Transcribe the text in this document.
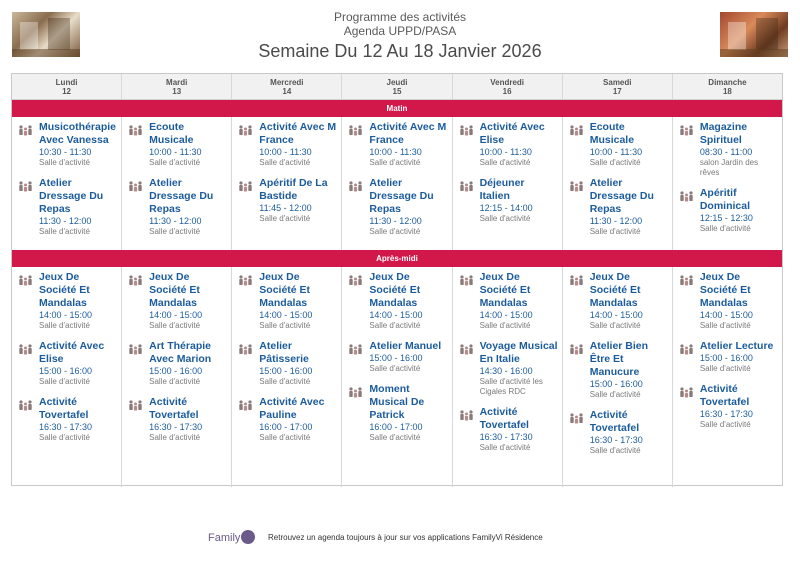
Programme des activités
Agenda UPPD/PASA
Semaine Du 12 Au 18 Janvier 2026
Lundi
12
Mardi
13
Mercredi
14
Jeudi
15
Vendredi
16
Samedi
17
Dimanche
18
Matin
Musicothérapie Avec Vanessa
10:30 - 11:30
Salle d'activité
Atelier Dressage Du Repas
11:30 - 12:00
Salle d'activité
Ecoute Musicale
10:00 - 11:30
Salle d'activité
Atelier Dressage Du Repas
11:30 - 12:00
Salle d'activité
Activité Avec M France
10:00 - 11:30
Salle d'activité
Apéritif De La Bastide
11:45 - 12:00
Salle d'activité
Activité Avec M France
10:00 - 11:30
Salle d'activité
Atelier Dressage Du Repas
11:30 - 12:00
Salle d'activité
Activité Avec Elise
10:00 - 11:30
Salle d'activité
Déjeuner Italien
12:15 - 14:00
Salle d'activité
Ecoute Musicale
10:00 - 11:30
Salle d'activité
Atelier Dressage Du Repas
11:30 - 12:00
Salle d'activité
Magazine Spirituel
08:30 - 11:00
salon Jardin des rêves
Apéritif Dominical
12:15 - 12:30
Salle d'activité
Après-midi
Jeux De Société Et Mandalas
14:00 - 15:00
Salle d'activité
Activité Avec Elise
15:00 - 16:00
Salle d'activité
Activité Tovertafel
16:30 - 17:30
Salle d'activité
Jeux De Société Et Mandalas
14:00 - 15:00
Salle d'activité
Art Thérapie Avec Marion
15:00 - 16:00
Salle d'activité
Activité Tovertafel
16:30 - 17:30
Salle d'activité
Jeux De Société Et Mandalas
14:00 - 15:00
Salle d'activité
Atelier Pâtisserie
15:00 - 16:00
Salle d'activité
Activité Avec Pauline
16:00 - 17:00
Salle d'activité
Jeux De Société Et Mandalas
14:00 - 15:00
Salle d'activité
Atelier Manuel
15:00 - 16:00
Salle d'activité
Moment Musical De Patrick
16:00 - 17:00
Salle d'activité
Jeux De Société Et Mandalas
14:00 - 15:00
Salle d'activité
Voyage Musical En Italie
14:30 - 16:00
Salle d'activité les Cigales RDC
Activité Tovertafel
16:30 - 17:30
Salle d'activité
Jeux De Société Et Mandalas
14:00 - 15:00
Salle d'activité
Atelier Bien Être Et Manucure
15:00 - 16:00
Salle d'activité
Activité Tovertafel
16:30 - 17:30
Salle d'activité
Jeux De Société Et Mandalas
14:00 - 15:00
Salle d'activité
Atelier Lecture
15:00 - 16:00
Salle d'activité
Activité Tovertafel
16:30 - 17:30
Salle d'activité
Family	Retrouvez un agenda toujours à jour sur vos applications FamilyVi Résidence
